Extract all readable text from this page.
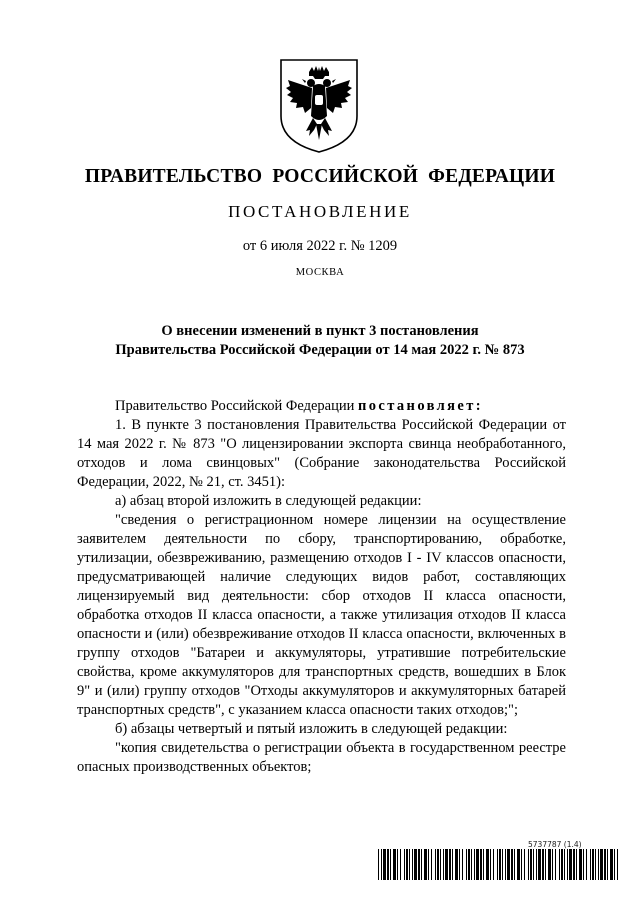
ПРАВИТЕЛЬСТВО РОССИЙСКОЙ ФЕДЕРАЦИИ
ПОСТАНОВЛЕНИЕ
от 6 июля 2022 г. № 1209
МОСКВА
О внесении изменений в пункт 3 постановления
Правительства Российской Федерации от 14 мая 2022 г. № 873

Правительство Российской Федерации постановляет:

1. В пункте 3 постановления Правительства Российской Федерации от 14 мая 2022 г. № 873 "О лицензировании экспорта свинца необработанного, отходов и лома свинцовых" (Собрание законодательства Российской Федерации, 2022, № 21, ст. 3451):

а) абзац второй изложить в следующей редакции:

"сведения о регистрационном номере лицензии на осуществление заявителем деятельности по сбору, транспортированию, обработке, утилизации, обезвреживанию, размещению отходов I - IV классов опасности, предусматривающей наличие следующих видов работ, составляющих лицензируемый вид деятельности: сбор отходов II класса опасности, обработка отходов II класса опасности, а также утилизация отходов II класса опасности и (или) обезвреживание отходов II класса опасности, включенных в группу отходов "Батареи и аккумуляторы, утратившие потребительские свойства, кроме аккумуляторов для транспортных средств, вошедших в Блок 9" и (или) группу отходов "Отходы аккумуляторов и аккумуляторных батарей транспортных средств", с указанием класса опасности таких отходов;";

б) абзацы четвертый и пятый изложить в следующей редакции:

"копия свидетельства о регистрации объекта в государственном реестре опасных производственных объектов;

5737787 (1.4)
